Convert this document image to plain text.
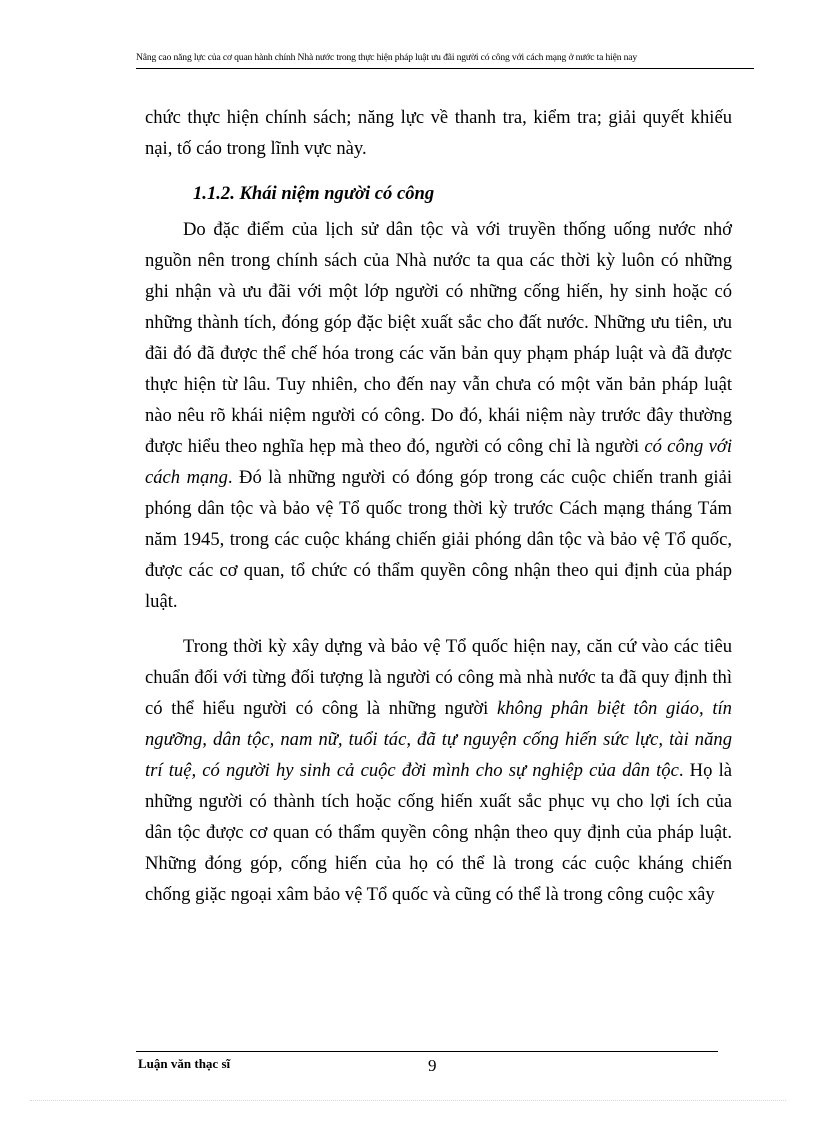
Nâng cao năng lực của cơ quan hành chính Nhà nước trong thực hiện pháp luật ưu đãi người có công với cách mạng ở nước ta hiện nay

chức thực hiện chính sách; năng lực về thanh tra, kiểm tra; giải quyết khiếu nại, tố cáo trong lĩnh vực này.

1.1.2. Khái niệm người có công

Do đặc điểm của lịch sử dân tộc và với truyền thống uống nước nhớ nguồn nên trong chính sách của Nhà nước ta qua các thời kỳ luôn có những ghi nhận và ưu đãi với một lớp người có những cống hiến, hy sinh hoặc có những thành tích, đóng góp đặc biệt xuất sắc cho đất nước. Những ưu tiên, ưu đãi đó đã được thể chế hóa trong các văn bản quy phạm pháp luật và đã được thực hiện từ lâu. Tuy nhiên, cho đến nay vẫn chưa có một văn bản pháp luật nào nêu rõ khái niệm người có công. Do đó, khái niệm này trước đây thường được hiểu theo nghĩa hẹp mà theo đó, người có công chỉ là người có công với cách mạng. Đó là những người có đóng góp trong các cuộc chiến tranh giải phóng dân tộc và bảo vệ Tổ quốc trong thời kỳ trước Cách mạng tháng Tám năm 1945, trong các cuộc kháng chiến giải phóng dân tộc và bảo vệ Tổ quốc, được các cơ quan, tổ chức có thẩm quyền công nhận theo qui định của pháp luật.

Trong thời kỳ xây dựng và bảo vệ Tổ quốc hiện nay, căn cứ vào các tiêu chuẩn đối với từng đối tượng là người có công mà nhà nước ta đã quy định thì có thể hiểu người có công là những người không phân biệt tôn giáo, tín ngưỡng, dân tộc, nam nữ, tuổi tác, đã tự nguyện cống hiến sức lực, tài năng trí tuệ, có người hy sinh cả cuộc đời mình cho sự nghiệp của dân tộc. Họ là những người có thành tích hoặc cống hiến xuất sắc phục vụ cho lợi ích của dân tộc được cơ quan có thẩm quyền công nhận theo quy định của pháp luật. Những đóng góp, cống hiến của họ có thể là trong các cuộc kháng chiến chống giặc ngoại xâm bảo vệ Tổ quốc và cũng có thể là trong công cuộc xây

Luận văn thạc sĩ	9
